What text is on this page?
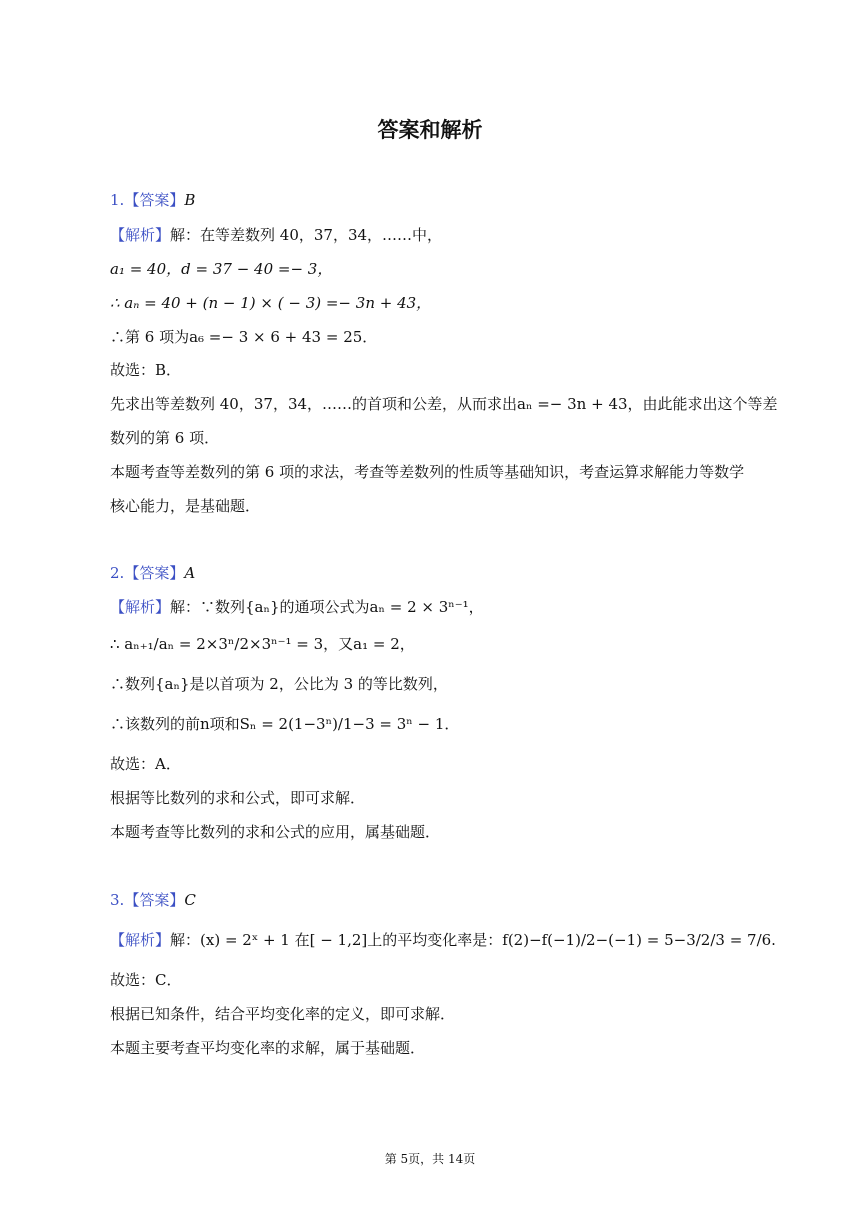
答案和解析
1.【答案】B
【解析】解：在等差数列 40，37，34，……中，
a₁ = 40，d = 37 − 40 =− 3，
∴ aₙ = 40 + (n − 1) × ( − 3) =− 3n + 43，
∴第 6 项为a₆ =− 3 × 6 + 43 = 25．
故选：B．
先求出等差数列 40，37，34，……的首项和公差，从而求出aₙ =− 3n + 43，由此能求出这个等差
数列的第 6 项．
本题考查等差数列的第 6 项的求法，考查等差数列的性质等基础知识，考查运算求解能力等数学
核心能力，是基础题．
2.【答案】A
【解析】解：∵数列{aₙ}的通项公式为aₙ = 2 × 3ⁿ⁻¹，
∴ aₙ₊₁/aₙ = 2×3ⁿ/2×3ⁿ⁻¹ = 3，又a₁ = 2，
∴数列{aₙ}是以首项为 2，公比为 3 的等比数列，
∴该数列的前n项和Sₙ = 2(1−3ⁿ)/1−3 = 3ⁿ − 1．
故选：A．
根据等比数列的求和公式，即可求解．
本题考查等比数列的求和公式的应用，属基础题．
3.【答案】C
【解析】解：(x) = 2ˣ + 1 在[ − 1,2]上的平均变化率是：f(2)−f(−1)/2−(−1) = 5−3/2/3 = 7/6.
故选：C．
根据已知条件，结合平均变化率的定义，即可求解．
本题主要考查平均变化率的求解，属于基础题．
第 5页，共 14页
